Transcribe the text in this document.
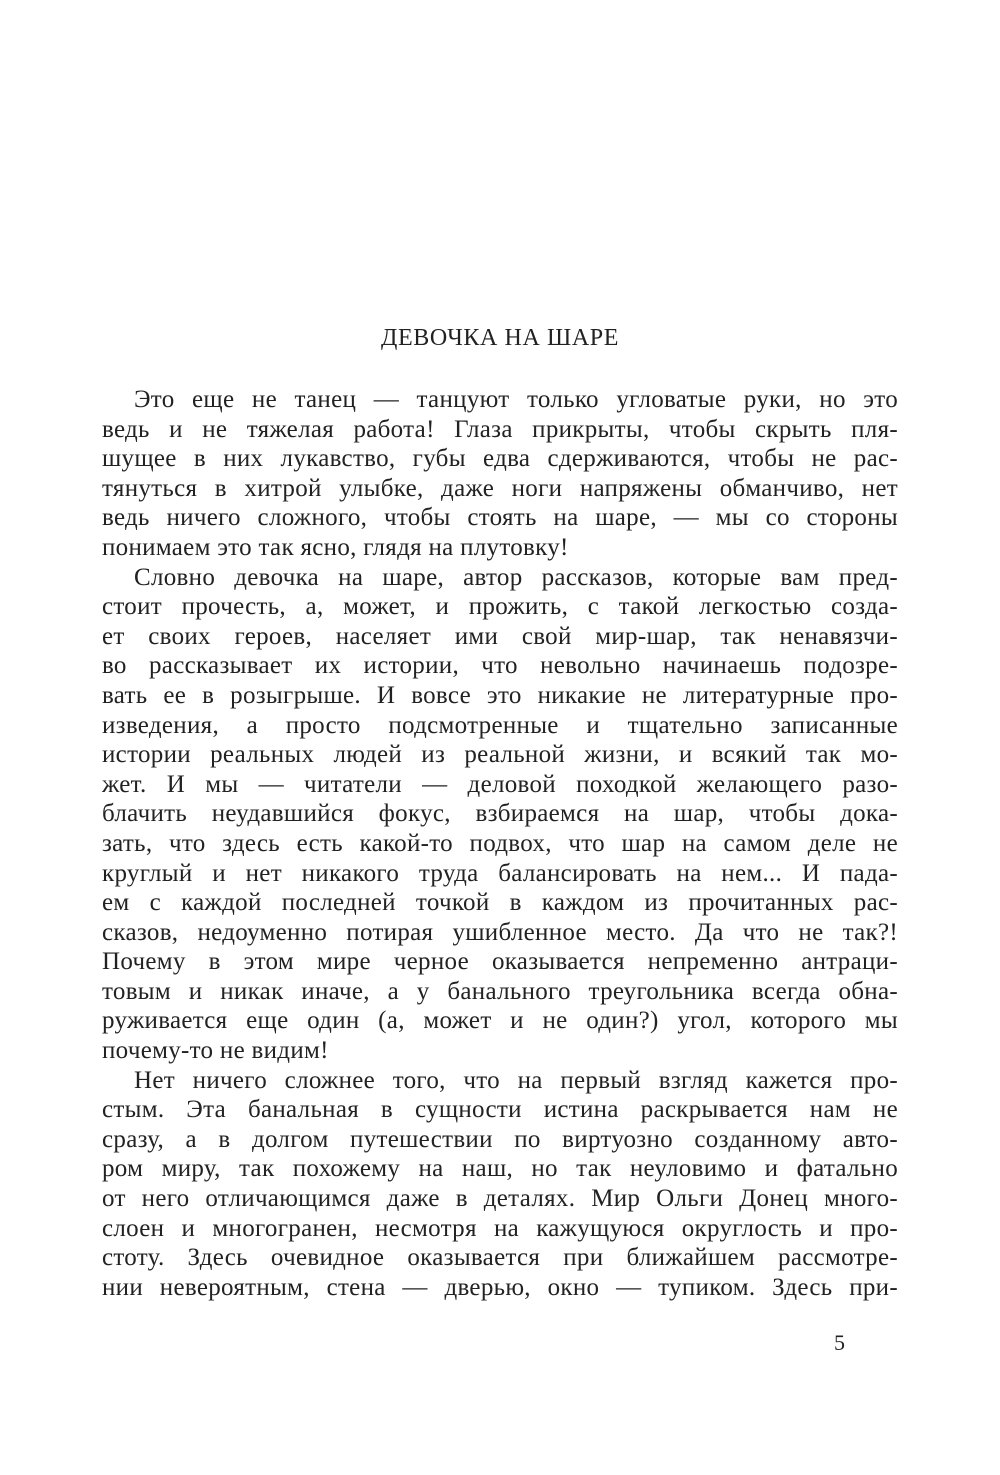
ДЕВОЧКА НА ШАРЕ
Это еще не танец — танцуют только угловатые руки, но это
ведь и не тяжелая работа! Глаза прикрыты, чтобы скрыть пля-
шущее в них лукавство, губы едва сдерживаются, чтобы не рас-
тянуться в хитрой улыбке, даже ноги напряжены обманчиво, нет
ведь ничего сложного, чтобы стоять на шаре, — мы со стороны
понимаем это так ясно, глядя на плутовку!
Словно девочка на шаре, автор рассказов, которые вам пред-
стоит прочесть, а, может, и прожить, с такой легкостью созда-
ет своих героев, населяет ими свой мир-шар, так ненавязчи-
во рассказывает их истории, что невольно начинаешь подозре-
вать ее в розыгрыше. И вовсе это никакие не литературные про-
изведения, а просто подсмотренные и тщательно записанные
истории реальных людей из реальной жизни, и всякий так мо-
жет. И мы — читатели — деловой походкой желающего разо-
блачить неудавшийся фокус, взбираемся на шар, чтобы дока-
зать, что здесь есть какой-то подвох, что шар на самом деле не
круглый и нет никакого труда балансировать на нем... И пада-
ем с каждой последней точкой в каждом из прочитанных рас-
сказов, недоуменно потирая ушибленное место. Да что не так?!
Почему в этом мире черное оказывается непременно антраци-
товым и никак иначе, а у банального треугольника всегда обна-
руживается еще один (а, может и не один?) угол, которого мы
почему-то не видим!
Нет ничего сложнее того, что на первый взгляд кажется про-
стым. Эта банальная в сущности истина раскрывается нам не
сразу, а в долгом путешествии по виртуозно созданному авто-
ром миру, так похожему на наш, но так неуловимо и фатально
от него отличающимся даже в деталях. Мир Ольги Донец много-
слоен и многогранен, несмотря на кажущуюся округлость и про-
стоту. Здесь очевидное оказывается при ближайшем рассмотре-
нии невероятным, стена — дверью, окно — тупиком. Здесь при-
5
